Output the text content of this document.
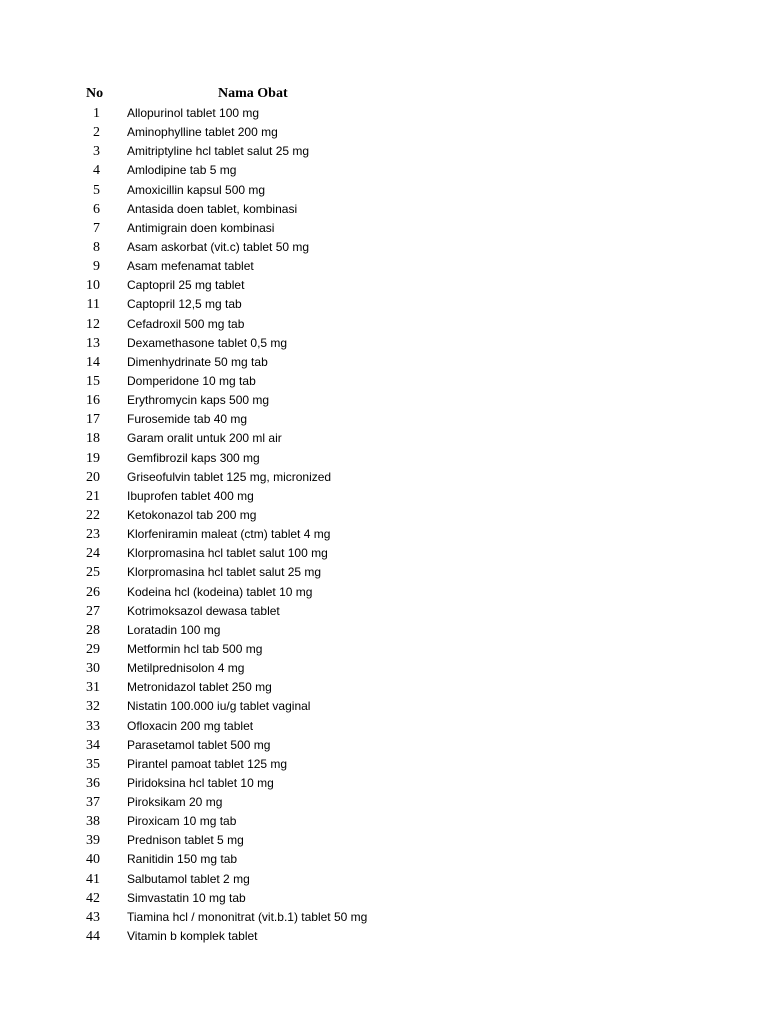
No	Nama Obat
1 Allopurinol tablet 100 mg
2 Aminophylline tablet 200 mg
3 Amitriptyline hcl tablet salut 25 mg
4 Amlodipine tab 5 mg
5 Amoxicillin kapsul 500 mg
6 Antasida doen tablet, kombinasi
7 Antimigrain doen kombinasi
8 Asam askorbat (vit.c) tablet 50 mg
9 Asam mefenamat tablet
10 Captopril 25 mg tablet
11 Captopril 12,5 mg tab
12 Cefadroxil 500 mg tab
13 Dexamethasone tablet 0,5 mg
14 Dimenhydrinate 50 mg tab
15 Domperidone 10 mg tab
16 Erythromycin kaps 500 mg
17 Furosemide tab 40 mg
18 Garam oralit untuk 200 ml air
19 Gemfibrozil kaps 300 mg
20 Griseofulvin tablet 125 mg, micronized
21 Ibuprofen tablet 400 mg
22 Ketokonazol tab 200 mg
23 Klorfeniramin maleat (ctm) tablet 4 mg
24 Klorpromasina hcl tablet salut 100 mg
25 Klorpromasina hcl tablet salut 25 mg
26 Kodeina hcl (kodeina) tablet 10 mg
27 Kotrimoksazol dewasa tablet
28 Loratadin 100 mg
29 Metformin hcl tab 500 mg
30 Metilprednisolon 4 mg
31 Metronidazol tablet 250 mg
32 Nistatin 100.000 iu/g tablet vaginal
33 Ofloxacin 200 mg tablet
34 Parasetamol tablet 500 mg
35 Pirantel pamoat tablet 125 mg
36 Piridoksina hcl tablet 10 mg
37 Piroksikam 20 mg
38 Piroxicam 10 mg tab
39 Prednison tablet 5 mg
40 Ranitidin 150 mg tab
41 Salbutamol tablet 2 mg
42 Simvastatin 10 mg tab
43 Tiamina hcl / mononitrat (vit.b.1) tablet 50 mg
44 Vitamin b komplek tablet
